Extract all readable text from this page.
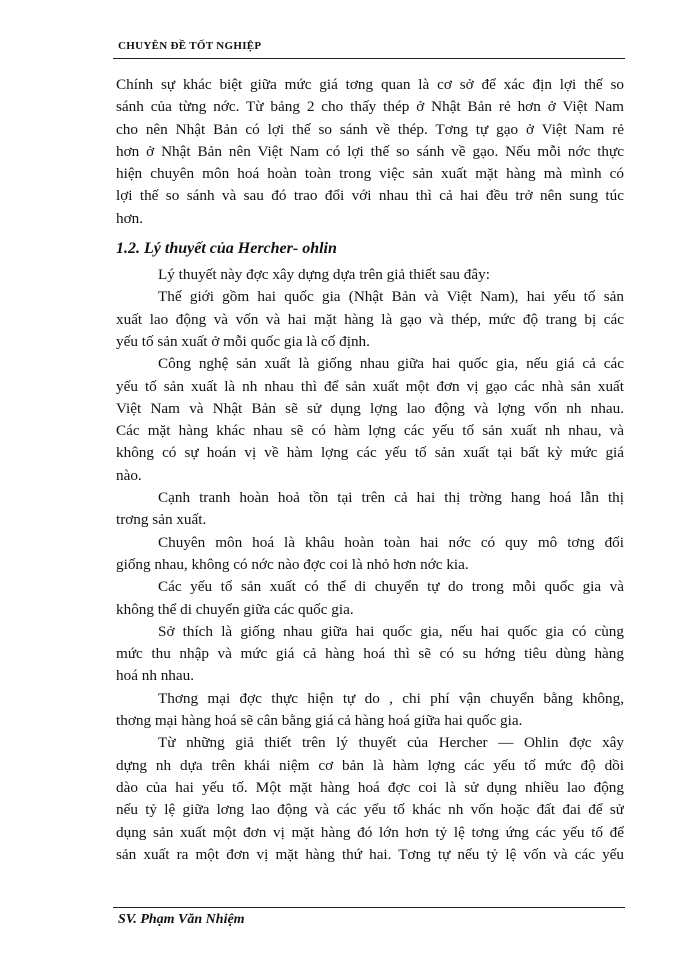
CHUYÊN ĐỀ TỐT NGHIỆP
Chính sự khác biệt giữa mức giá tơng quan là cơ sở để xác địn lợi thế so
sánh của từng nớc. Từ bảng 2 cho thấy thép ở Nhật Bản rẻ hơn ở Việt Nam
cho nên Nhật Bản có lợi thế so sánh về thép. Tơng tự gạo ở Việt Nam rẻ
hơn ở Nhật Bản nên Việt Nam có lợi thế so sánh về gạo. Nếu mỗi nớc thực
hiện chuyên môn hoá hoàn toàn trong việc sản xuất mặt hàng mà mình có
lợi thế so sánh và sau đó trao đổi với nhau thì cả hai đều trở nên sung túc
hơn.
1.2. Lý thuyết của Hercher- ohlin
Lý thuyết này đợc xây dựng dựa trên giả thiết sau đây:
Thế giới gồm hai quốc gia (Nhật Bản và Việt Nam), hai yếu tố sản
xuất lao động và vốn và hai mặt hàng là gạo và thép, mức độ trang bị các
yếu tố sản xuất ở mỗi quốc gia là cố định.
Công nghệ sản xuất là giống nhau giữa hai quốc gia, nếu giá cả các
yếu tố sản xuất là nh nhau thì để sản xuất một đơn vị gạo các nhà sản xuất
Việt Nam và Nhật Bản sẽ sử dụng lợng lao động và lợng vốn nh nhau.
Các mặt hàng khác nhau sẽ có hàm lợng các yếu tố sản xuất nh nhau, và
không có sự hoán vị về hàm lợng các yếu tố sản xuất tại bất kỳ mức giá
nào.
Cạnh tranh hoàn hoả tồn tại trên cả hai thị trờng hang hoá lẫn thị
trơng sản xuất.
Chuyên môn hoá là khâu hoàn toàn hai nớc có quy mô tơng đối
giống nhau, không có nớc nào đợc coi là nhỏ hơn nớc kia.
Các yếu tố sản xuất có thể di chuyển tự do trong mỗi quốc gia và
không thể di chuyển giữa các quốc gia.
Sở thích là giống nhau giữa hai quốc gia, nếu hai quốc gia có cùng
mức thu nhập và mức giá cả hàng hoá thì sẽ có su hớng tiêu dùng hàng
hoá nh nhau.
Thơng mại đợc thực hiện tự do , chi phí vận chuyển bằng không,
thơng mại hàng hoá sẽ cân bằng giá cả hàng hoá giữa hai quốc gia.
Từ những giả thiết trên lý thuyết của Hercher — Ohlin đợc xây
dựng nh dựa trên khái niệm cơ bản là hàm lợng các yếu tố mức độ dồi
dào của hai yếu tố. Một mặt hàng hoá đợc coi là sử dụng nhiều lao động
nếu tỷ lệ giữa lơng lao động và các yếu tố khác nh vốn hoặc đất đai để sử
dụng sản xuất một đơn vị mặt hàng đó lớn hơn tỷ lệ tơng ứng các yếu tố để
sản xuất ra một đơn vị mặt hàng thứ hai. Tơng tự nếu tỷ lệ vốn và các yếu
SV. Phạm Văn Nhiệm
